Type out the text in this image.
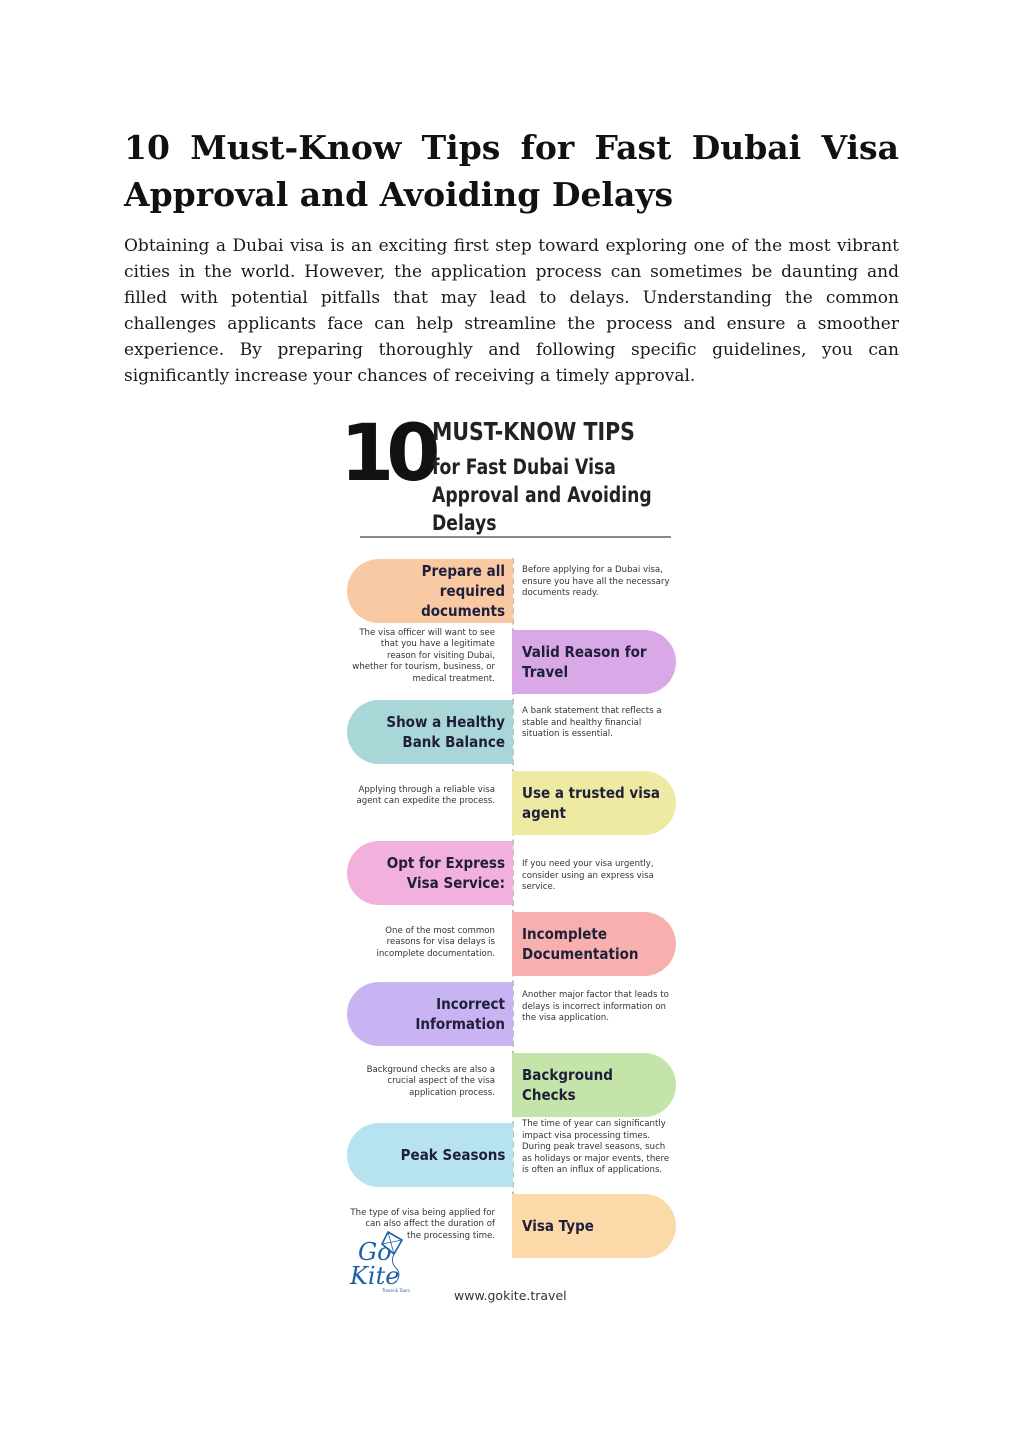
10 Must-Know Tips for Fast Dubai Visa
Approval and Avoiding Delays

Obtaining a Dubai visa is an exciting first step toward exploring one of the most vibrant cities in the world. However, the application process can sometimes be daunting and filled with potential pitfalls that may lead to delays. Understanding the common challenges applicants face can help streamline the process and ensure a smoother experience. By preparing thoroughly and following specific guidelines, you can significantly increase your chances of receiving a timely approval.

10 MUST-KNOW TIPS
for Fast Dubai Visa Approval and Avoiding Delays
Prepare all required
documents
Before applying for a Dubai visa, ensure you have all the necessary documents ready.
Valid Reason for Travel
The visa officer will want to see that you have a legitimate reason for visiting Dubai, whether for tourism, business, or medical treatment.
Show a Healthy Bank Balance
A bank statement that reflects a stable and healthy financial situation is essential.
Use a trusted visa agent
Applying through a reliable visa agent can expedite the process.
Opt for Express Visa Service:
If you need your visa urgently, consider using an express visa service.
Incomplete Documentation
One of the most common reasons for visa delays is incomplete documentation.
Incorrect Information
Another major factor that leads to delays is incorrect information on the visa application.
Background Checks
Background checks are also a crucial aspect of the visa application process.
Peak Seasons
The time of year can significantly impact visa processing times. During peak travel seasons, such as holidays or major events, there is often an influx of applications.
Visa Type
The type of visa being applied for can also affect the duration of the processing time.
Go
Kite
Travel & Tours	www.gokite.travel
